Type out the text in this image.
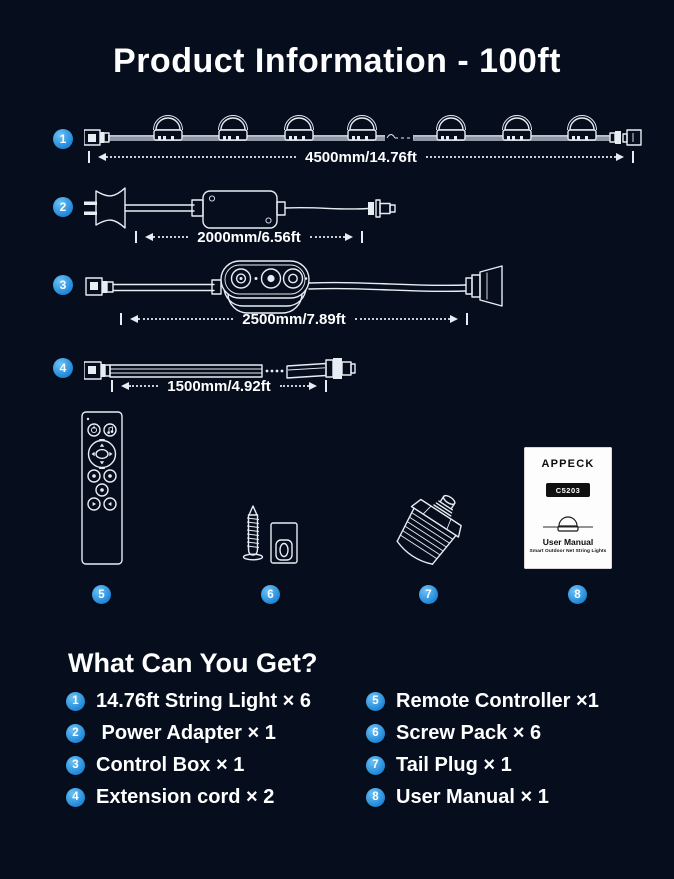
Product Information - 100ft
1
4500mm/14.76ft
2
2000mm/6.56ft
3
2500mm/7.89ft
4
1500mm/4.92ft
5	6	7
APPECK
C5203
User Manual
Smart Outdoor Net String Lights
8
What Can You Get?
1 14.76ft String Light × 6
2 Power Adapter × 1
3 Control Box × 1
4 Extension cord × 2
5 Remote Controller ×1
6 Screw Pack × 6
7 Tail Plug × 1
8 User Manual × 1
